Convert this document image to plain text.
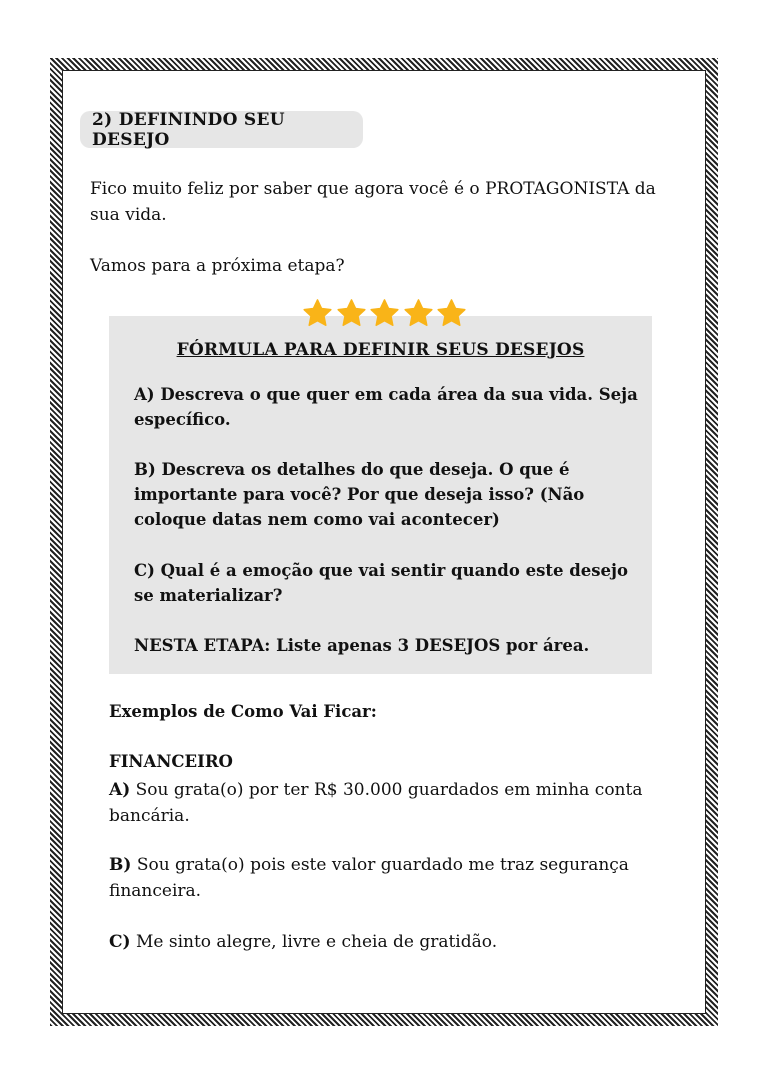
2) DEFININDO SEU DESEJO

Fico muito feliz por saber que agora você é o PROTAGONISTA da sua vida.

Vamos para a próxima etapa?

FÓRMULA PARA DEFINIR SEUS DESEJOS

A) Descreva o que quer em cada área da sua vida. Seja específico.

B) Descreva os detalhes do que deseja. O que é importante para você? Por que deseja isso? (Não coloque datas nem como vai acontecer)

C) Qual é a emoção que vai sentir quando este desejo se materializar?

NESTA ETAPA: Liste apenas 3 DESEJOS por área.

Exemplos de Como Vai Ficar:
FINANCEIRO

A) Sou grata(o) por ter R$ 30.000 guardados em minha conta bancária.

B) Sou grata(o) pois este valor guardado me traz segurança financeira.

C) Me sinto alegre, livre e cheia de gratidão.
